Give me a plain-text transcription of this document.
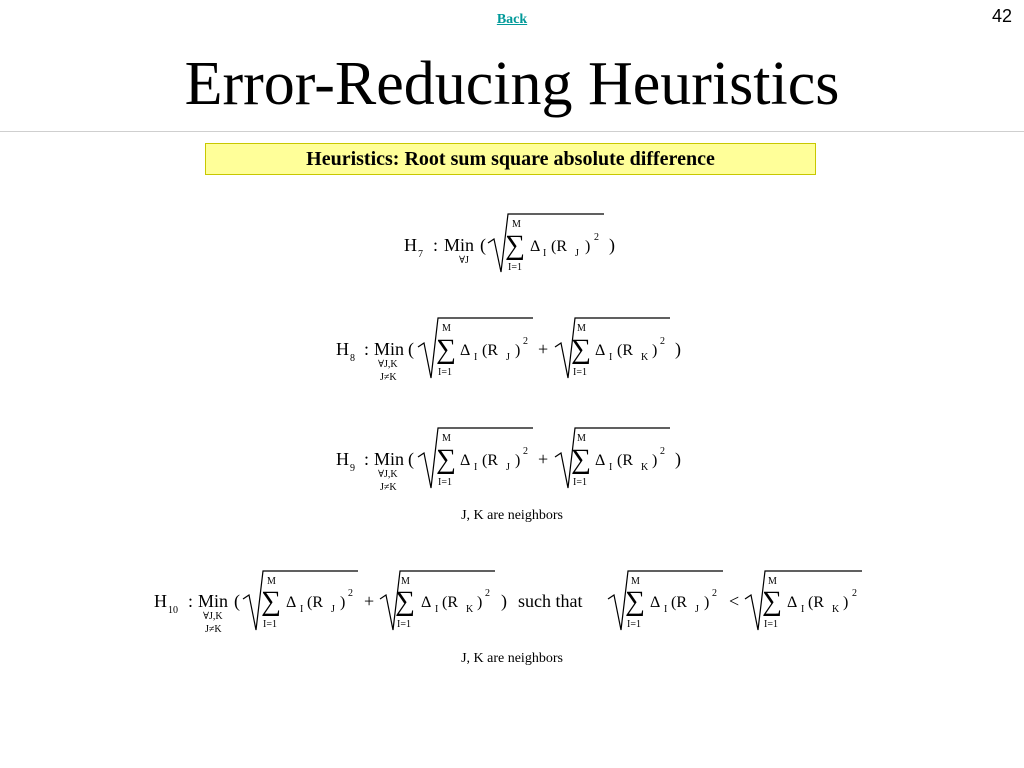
42
Back
Error-Reducing Heuristics
Heuristics: Root sum square absolute difference
H 7 : Min
∀J
(
M
∑
I=1
Δ I (R J )
2 )
H 8 : Min
∀J,K
J≠K
(
M
∑
I=1
Δ I (R J )
2 +
M
∑
I=1
Δ I (R K )
2 )
H 9 : Min
∀J,K
J≠K
(
M
∑
I=1
Δ I (R J )
2 +
M
∑
I=1
Δ I (R K )
2 )
H 10 : Min
∀J,K
J≠K
(
M
∑
I=1
Δ I (R J )
2 +
M
∑
I=1
Δ I (R K )
2 ) such that
M
∑
I=1
Δ I (R J )
2 <
M
∑
I=1
Δ I (R K )
2
J, K are neighbors
J, K are neighbors
